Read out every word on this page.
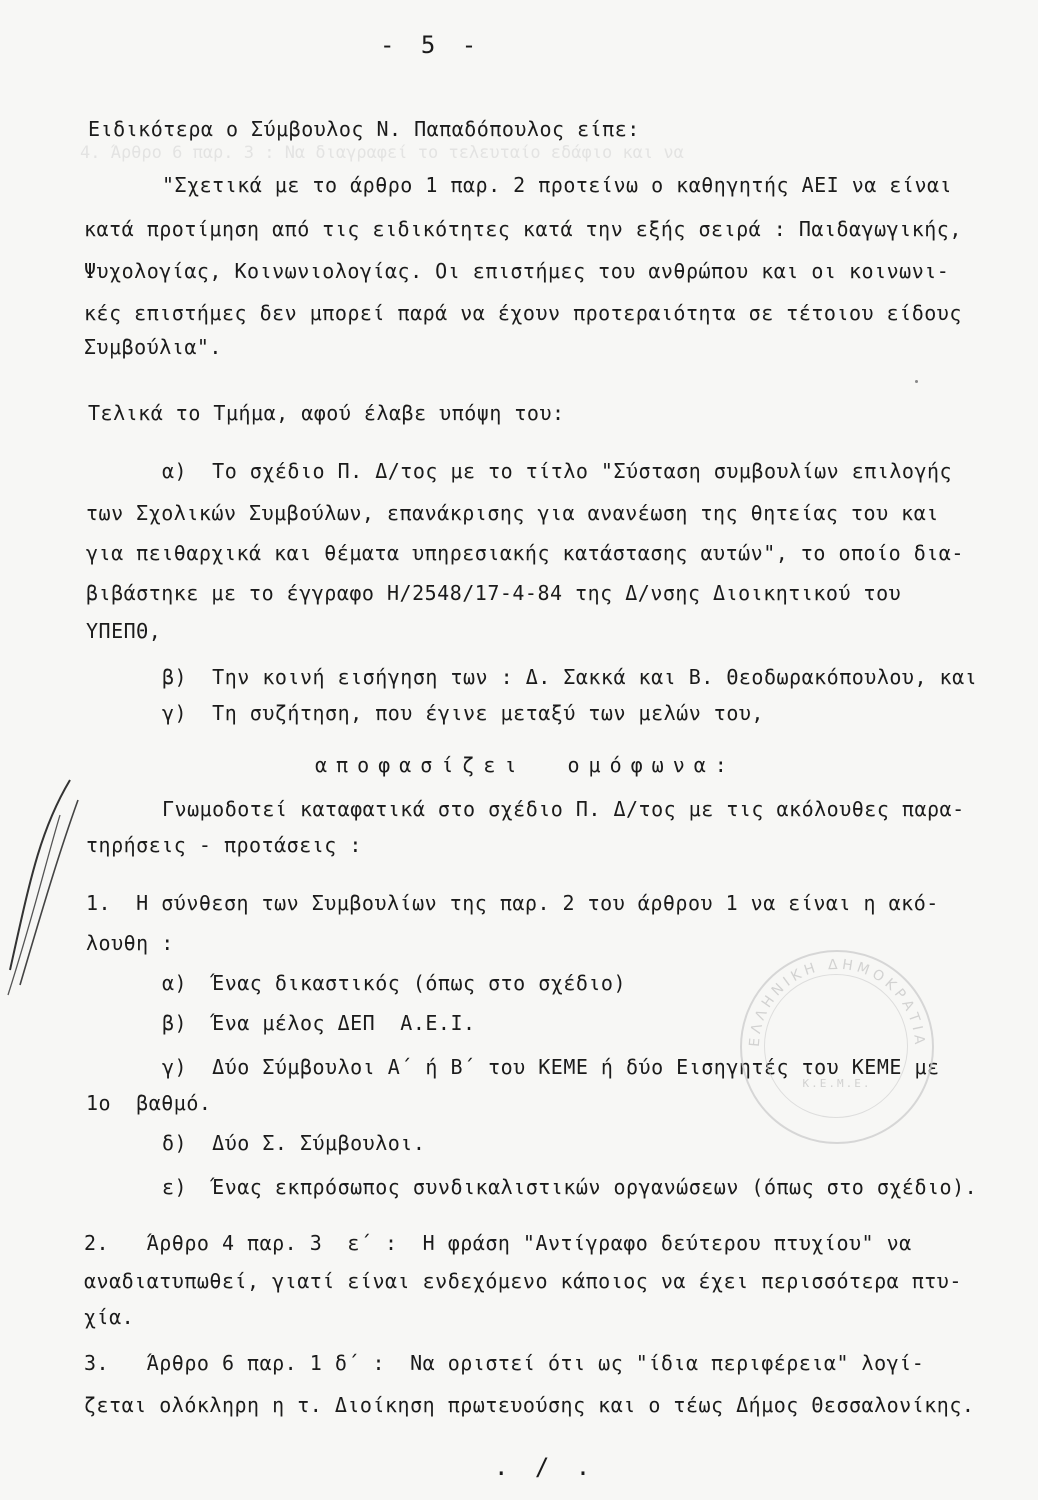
4. Άρθρο 6 παρ. 3 : Να διαγραφεί το τελευταίο εδάφιο και να
- 5 -
Ειδικότερα ο Σύμβουλος Ν. Παπαδόπουλος είπε:
"Σχετικά με το άρθρο 1 παρ. 2 προτείνω ο καθηγητής ΑΕΙ να είναι
κατά προτίμηση από τις ειδικότητες κατά την εξής σειρά : Παιδαγωγικής,
Ψυχολογίας, Κοινωνιολογίας. Οι επιστήμες του ανθρώπου και οι κοινωνι-
κές επιστήμες δεν μπορεί παρά να έχουν προτεραιότητα σε τέτοιου είδους
Συμβούλια".
Τελικά το Τμήμα, αφού έλαβε υπόψη του:
α)  Το σχέδιο Π. Δ/τος με το τίτλο "Σύσταση συμβουλίων επιλογής
των Σχολικών Συμβούλων, επανάκρισης για ανανέωση της θητείας του και
για πειθαρχικά και θέματα υπηρεσιακής κατάστασης αυτών", το οποίο δια-
βιβάστηκε με το έγγραφο Η/2548/17-4-84 της Δ/νσης Διοικητικού του
ΥΠΕΠΘ,
β)  Την κοινή εισήγηση των : Δ. Σακκά και Β. Θεοδωρακόπουλου, και
γ)  Τη συζήτηση, που έγινε μεταξύ των μελών του,
αποφασίζει  ομόφωνα:
Γνωμοδοτεί καταφατικά στο σχέδιο Π. Δ/τος με τις ακόλουθες παρα-
τηρήσεις - προτάσεις :
1.  Η σύνθεση των Συμβουλίων της παρ. 2 του άρθρου 1 να είναι η ακό-
λουθη :
α)  Ένας δικαστικός (όπως στο σχέδιο)
β)  Ένα μέλος ΔΕΠ  Α.Ε.Ι.
γ)  Δύο Σύμβουλοι Α΄ ή Β΄ του ΚΕΜΕ ή δύο Εισηγητές του ΚΕΜΕ με
1ο  βαθμό.
δ)  Δύο Σ. Σύμβουλοι.
ε)  Ένας εκπρόσωπος συνδικαλιστικών οργανώσεων (όπως στο σχέδιο).
2.   Άρθρο 4 παρ. 3  ε΄ :  Η φράση "Αντίγραφο δεύτερου πτυχίου" να
αναδιατυπωθεί, γιατί είναι ενδεχόμενο κάποιος να έχει περισσότερα πτυ-
χία.
3.   Άρθρο 6 παρ. 1 δ΄ :  Να οριστεί ότι ως "ίδια περιφέρεια" λογί-
ζεται ολόκληρη η τ. Διοίκηση πρωτευούσης και ο τέως Δήμος Θεσσαλονίκης.
. / .
ΕΛΛΗΝΙΚΗ ΔΗΜΟΚΡΑΤΙΑ
Κ.Ε.Μ.Ε.
